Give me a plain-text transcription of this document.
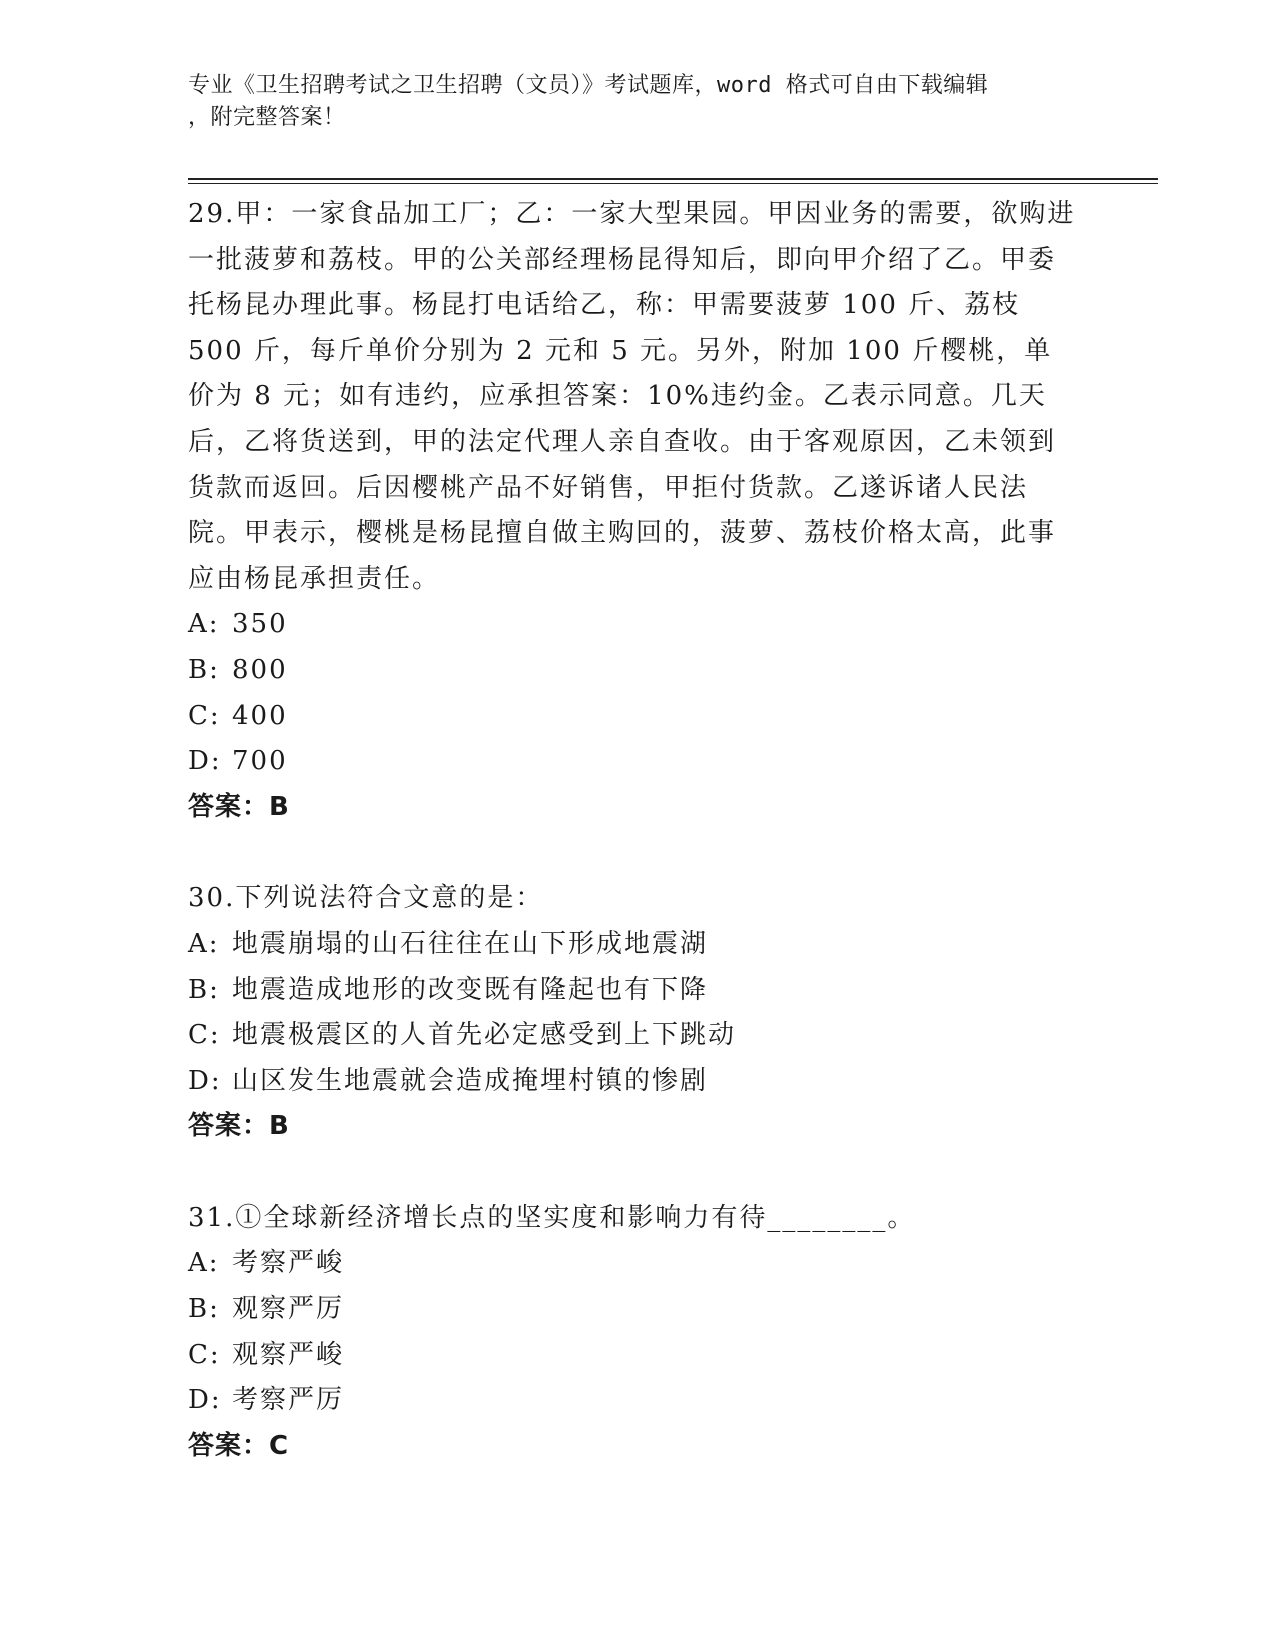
专业《卫生招聘考试之卫生招聘（文员）》考试题库，word 格式可自由下载编辑
，附完整答案！
29.甲：一家食品加工厂；乙：一家大型果园。甲因业务的需要，欲购进一批菠萝和荔枝。甲的公关部经理杨昆得知后，即向甲介绍了乙。甲委托杨昆办理此事。杨昆打电话给乙，称：甲需要菠萝 100 斤、荔枝 500 斤，每斤单价分别为 2 元和 5 元。另外，附加 100 斤樱桃，单价为 8 元；如有违约，应承担答案：10%违约金。乙表示同意。几天后，乙将货送到，甲的法定代理人亲自查收。由于客观原因，乙未领到货款而返回。后因樱桃产品不好销售，甲拒付货款。乙遂诉诸人民法院。甲表示，樱桃是杨昆擅自做主购回的，菠萝、荔枝价格太高，此事应由杨昆承担责任。
A: 350
B: 800
C: 400
D: 700
答案：B
30.下列说法符合文意的是：
A: 地震崩塌的山石往往在山下形成地震湖
B: 地震造成地形的改变既有隆起也有下降
C: 地震极震区的人首先必定感受到上下跳动
D: 山区发生地震就会造成掩埋村镇的惨剧
答案：B
31.①全球新经济增长点的坚实度和影响力有待________。
A: 考察严峻
B: 观察严厉
C: 观察严峻
D: 考察严厉
答案：C
